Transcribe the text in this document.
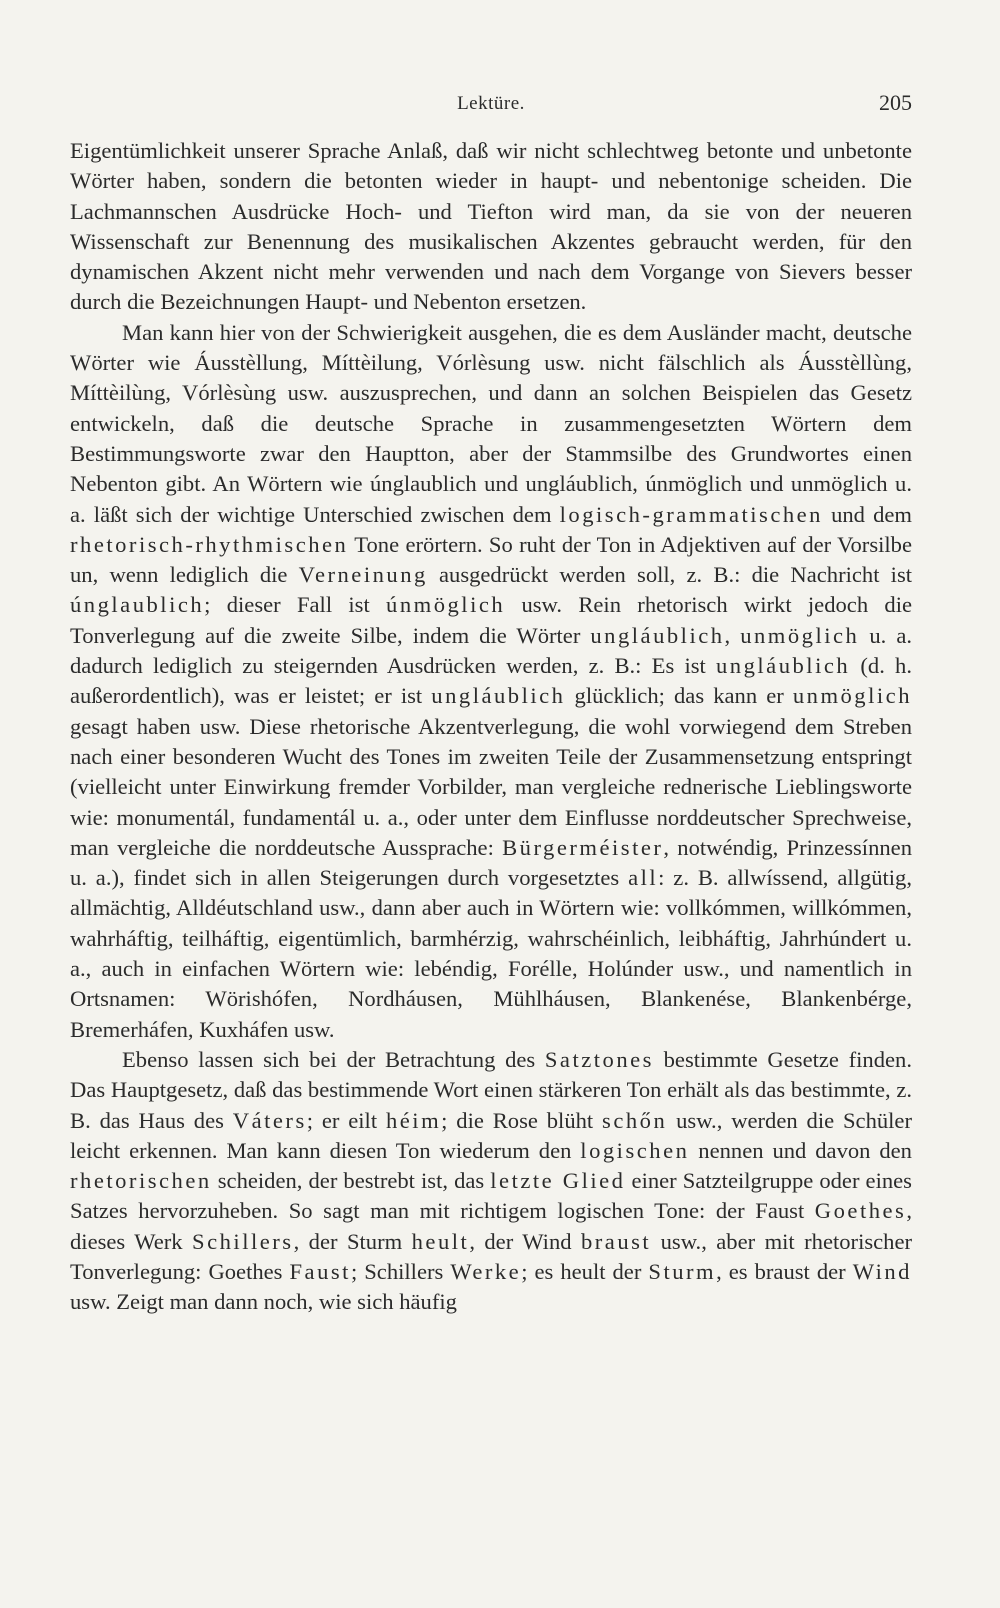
Lektüre.	205

Eigentümlichkeit unserer Sprache Anlaß, daß wir nicht schlechtweg betonte und unbetonte Wörter haben, sondern die betonten wieder in haupt- und nebentonige scheiden. Die Lachmannschen Ausdrücke Hoch- und Tiefton wird man, da sie von der neueren Wissenschaft zur Benennung des musikalischen Akzentes gebraucht werden, für den dynamischen Akzent nicht mehr verwenden und nach dem Vorgange von Sievers besser durch die Bezeichnungen Haupt- und Nebenton ersetzen.

Man kann hier von der Schwierigkeit ausgehen, die es dem Ausländer macht, deutsche Wörter wie Áusstèllung, Míttèilung, Vórlèsung usw. nicht fälschlich als Áusstèllùng, Míttèilùng, Vórlèsùng usw. auszusprechen, und dann an solchen Beispielen das Gesetz entwickeln, daß die deutsche Sprache in zusammengesetzten Wörtern dem Bestimmungsworte zwar den Hauptton, aber der Stammsilbe des Grundwortes einen Nebenton gibt. An Wörtern wie únglaublich und ungláublich, únmöglich und unmöglich u. a. läßt sich der wichtige Unterschied zwischen dem logisch-grammatischen und dem rhetorisch-rhythmischen Tone erörtern. So ruht der Ton in Adjektiven auf der Vorsilbe un, wenn lediglich die Verneinung ausgedrückt werden soll, z. B.: die Nachricht ist únglaublich; dieser Fall ist únmöglich usw. Rein rhetorisch wirkt jedoch die Tonverlegung auf die zweite Silbe, indem die Wörter ungláublich, unmöglich u. a. dadurch lediglich zu steigernden Ausdrücken werden, z. B.: Es ist ungláublich (d. h. außerordentlich), was er leistet; er ist ungláublich glücklich; das kann er unmöglich gesagt haben usw. Diese rhetorische Akzentverlegung, die wohl vorwiegend dem Streben nach einer besonderen Wucht des Tones im zweiten Teile der Zusammensetzung entspringt (vielleicht unter Einwirkung fremder Vorbilder, man vergleiche rednerische Lieblingsworte wie: monumentál, fundamentál u. a., oder unter dem Einflusse norddeutscher Sprechweise, man vergleiche die norddeutsche Aussprache: Bürgerméister, notwéndig, Prinzessínnen u. a.), findet sich in allen Steigerungen durch vorgesetztes all: z. B. allwíssend, allgütig, allmächtig, Alldéutschland usw., dann aber auch in Wörtern wie: vollkómmen, willkómmen, wahrháftig, teilháftig, eigentümlich, barmhérzig, wahrschéinlich, leibháftig, Jahrhúndert u. a., auch in einfachen Wörtern wie: lebéndig, Forélle, Holúnder usw., und namentlich in Ortsnamen: Wörishófen, Nordháusen, Mühlháusen, Blankenése, Blankenbérge, Bremerháfen, Kuxháfen usw.

Ebenso lassen sich bei der Betrachtung des Satztones bestimmte Gesetze finden. Das Hauptgesetz, daß das bestimmende Wort einen stärkeren Ton erhält als das bestimmte, z. B. das Haus des Váters; er eilt héim; die Rose blüht schőn usw., werden die Schüler leicht erkennen. Man kann diesen Ton wiederum den logischen nennen und davon den rhetorischen scheiden, der bestrebt ist, das letzte Glied einer Satzteilgruppe oder eines Satzes hervorzuheben. So sagt man mit richtigem logischen Tone: der Faust Goethes, dieses Werk Schillers, der Sturm heult, der Wind braust usw., aber mit rhetorischer Tonverlegung: Goethes Faust; Schillers Werke; es heult der Sturm, es braust der Wind usw. Zeigt man dann noch, wie sich häufig
